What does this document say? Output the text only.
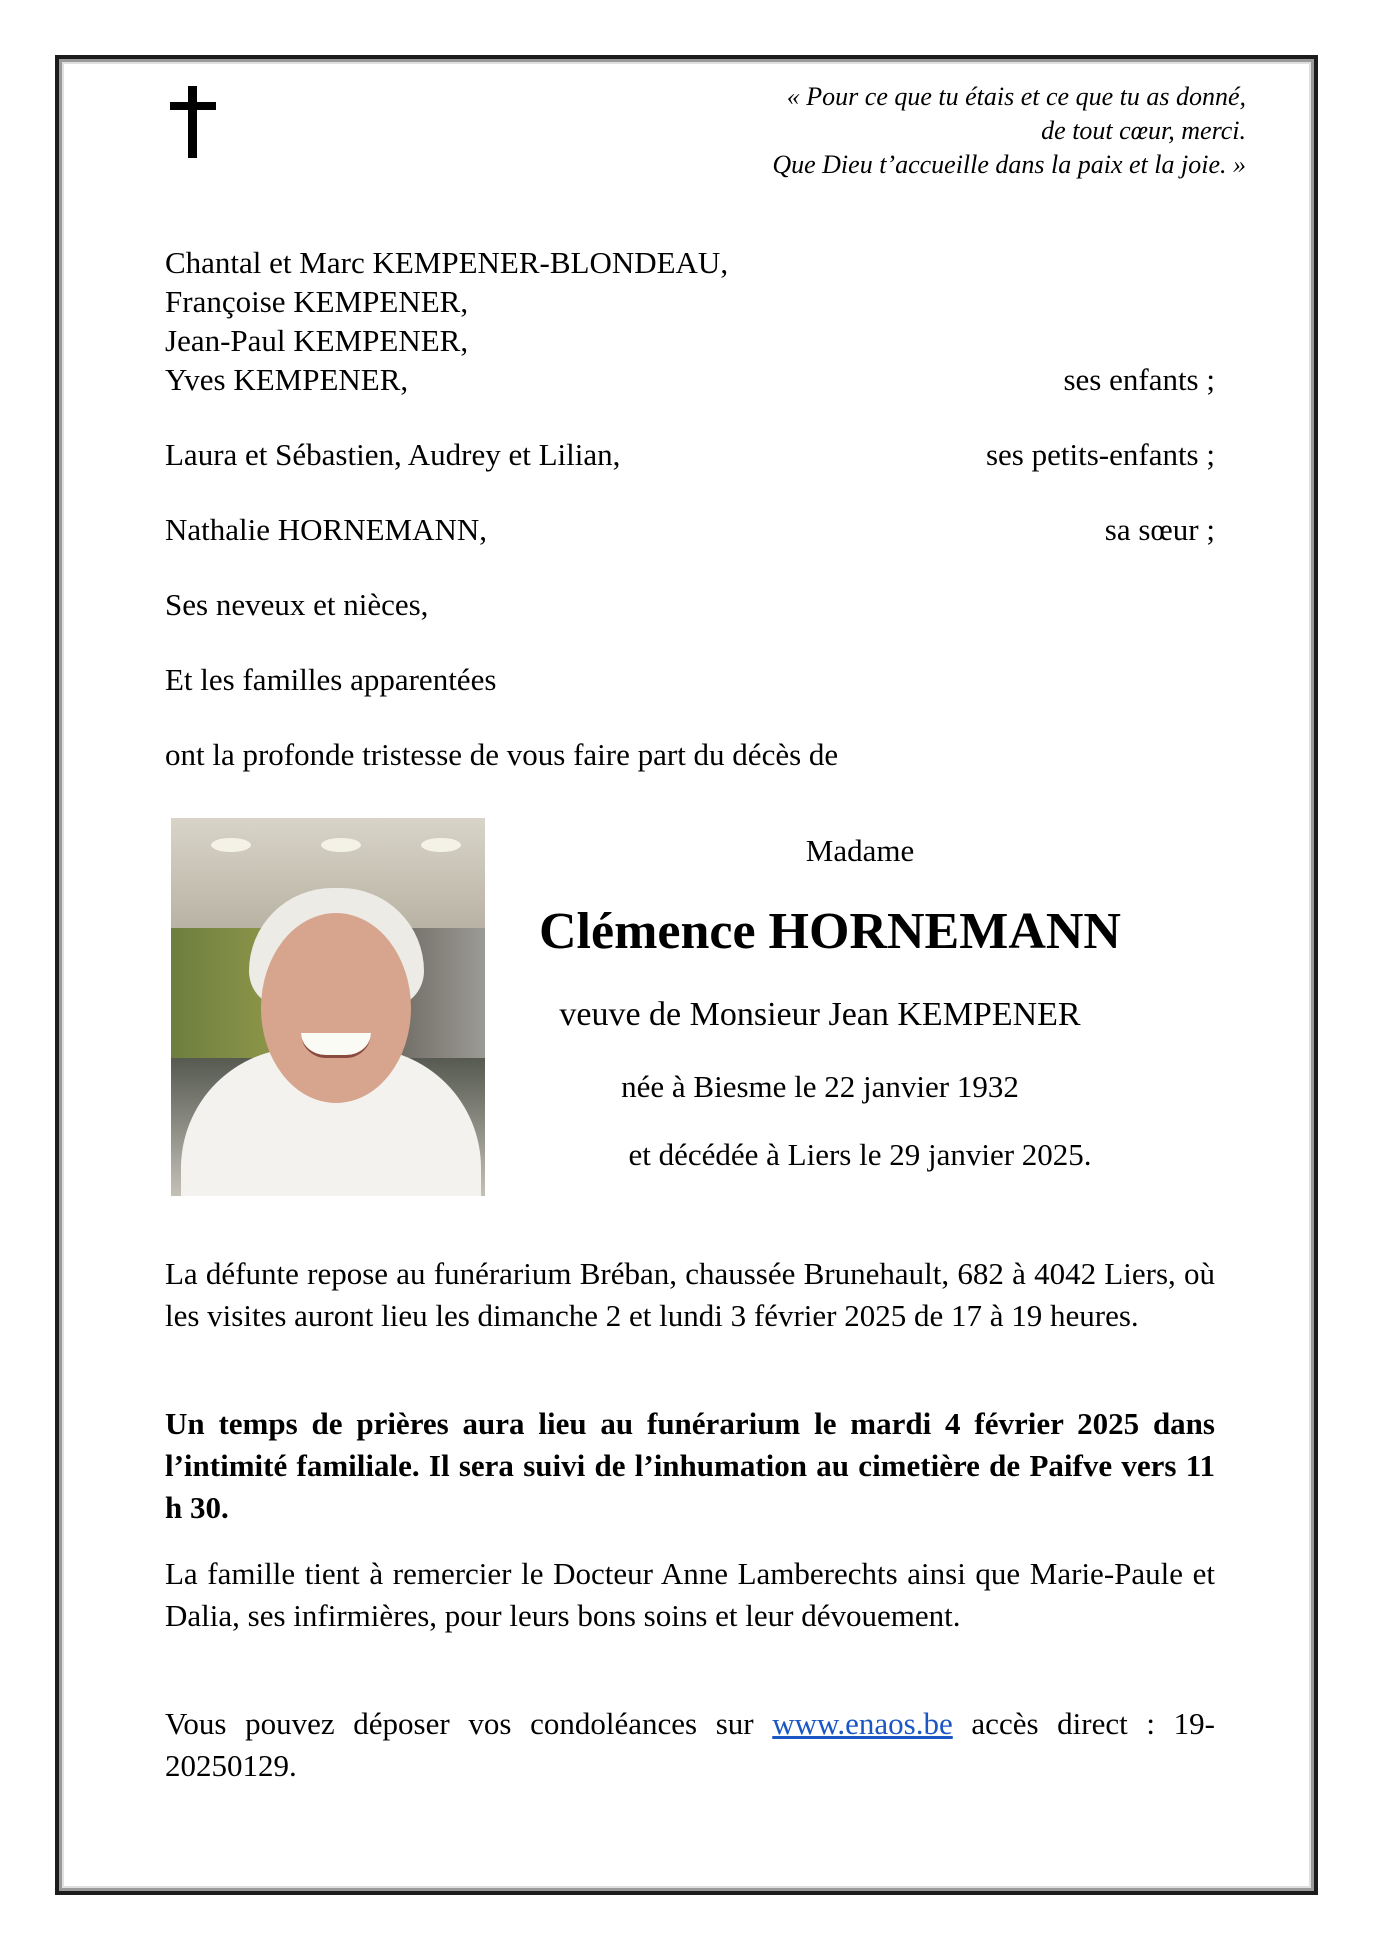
« Pour ce que tu étais et ce que tu as donné,
de tout cœur, merci.
Que Dieu t’accueille dans la paix et la joie. »
Chantal et Marc KEMPENER-BLONDEAU,
Françoise KEMPENER,
Jean-Paul KEMPENER,
Yves KEMPENER,	ses enfants ;
Laura et Sébastien, Audrey et Lilian,	ses petits-enfants ;
Nathalie HORNEMANN,	sa sœur ;
Ses neveux et nièces,
Et les familles apparentées
ont la profonde tristesse de vous faire part du décès de
Madame
Clémence HORNEMANN
veuve de Monsieur Jean KEMPENER
née à Biesme le 22 janvier 1932
et décédée à Liers le 29 janvier 2025.
La défunte repose au funérarium Bréban, chaussée Brunehault, 682 à 4042 Liers, où les visites auront lieu les dimanche 2 et lundi 3 février 2025 de 17 à 19 heures.
Un temps de prières aura lieu au funérarium le mardi 4 février 2025 dans l’intimité familiale. Il sera suivi de l’inhumation au cimetière de Paifve vers 11 h 30.
La famille tient à remercier le Docteur Anne Lamberechts ainsi que Marie-Paule et Dalia, ses infirmières, pour leurs bons soins et leur dévouement.
Vous pouvez déposer vos condoléances sur www.enaos.be accès direct : 19-20250129.
